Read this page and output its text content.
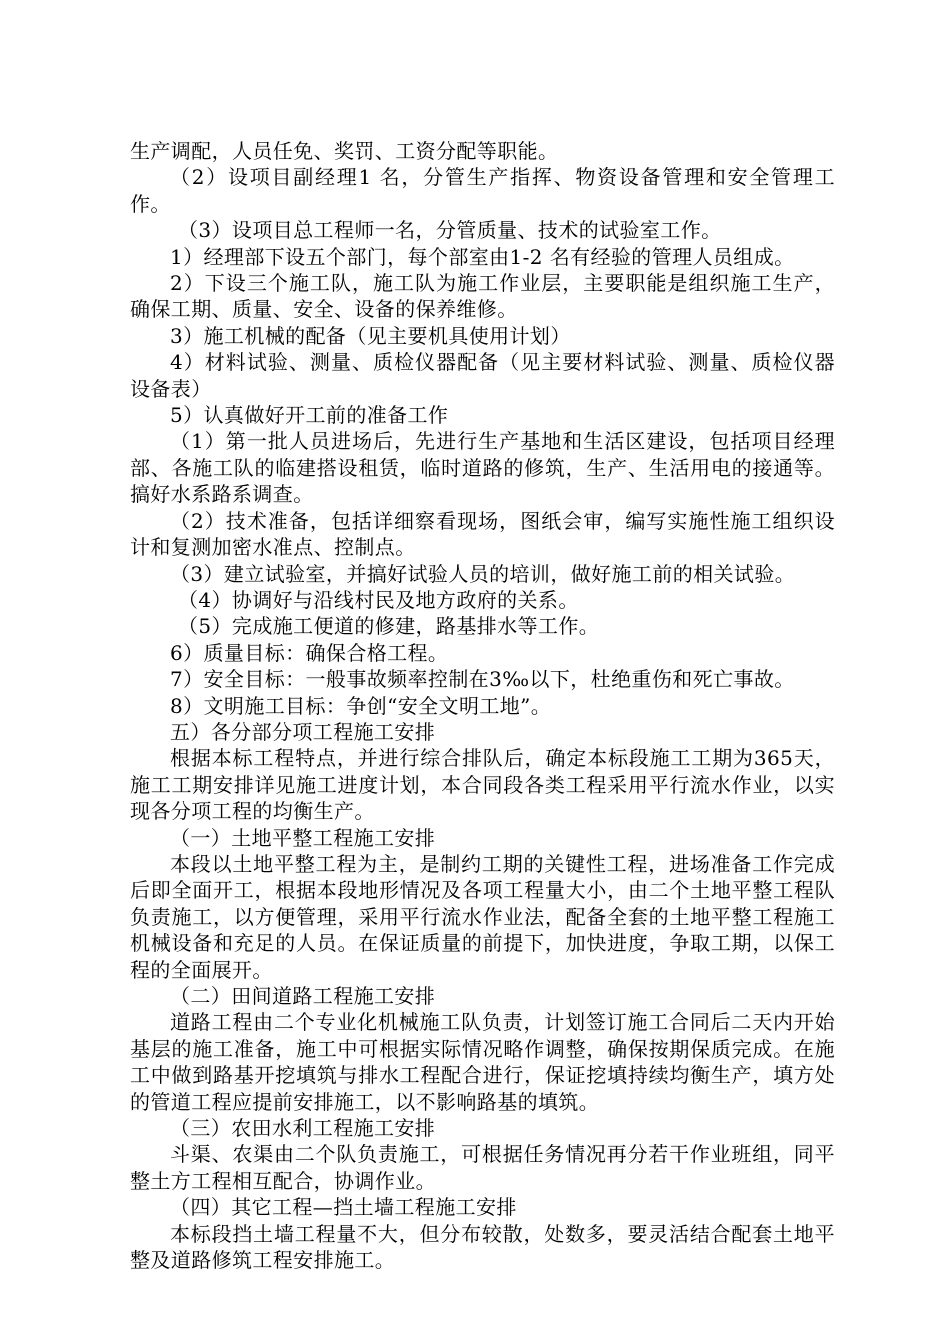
生产调配，人员任免、奖罚、工资分配等职能。

（2）设项目副经理1 名，分管生产指挥、物资设备管理和安全管理工作。

（3）设项目总工程师一名，分管质量、技术的试验室工作。

1）经理部下设五个部门，每个部室由1-2 名有经验的管理人员组成。

2）下设三个施工队，施工队为施工作业层，主要职能是组织施工生产，确保工期、质量、安全、设备的保养维修。

3）施工机械的配备（见主要机具使用计划）

4）材料试验、测量、质检仪器配备（见主要材料试验、测量、质检仪器设备表）

5）认真做好开工前的准备工作

（1）第一批人员进场后，先进行生产基地和生活区建设，包括项目经理部、各施工队的临建搭设租赁，临时道路的修筑，生产、生活用电的接通等。搞好水系路系调查。

（2）技术准备，包括详细察看现场，图纸会审，编写实施性施工组织设计和复测加密水准点、控制点。

（3）建立试验室，并搞好试验人员的培训，做好施工前的相关试验。

（4）协调好与沿线村民及地方政府的关系。

（5）完成施工便道的修建，路基排水等工作。

6）质量目标：确保合格工程。

7）安全目标：一般事故频率控制在3‰以下，杜绝重伤和死亡事故。

8）文明施工目标：争创“安全文明工地”。

五）各分部分项工程施工安排

根据本标工程特点，并进行综合排队后，确定本标段施工工期为365天，施工工期安排详见施工进度计划，本合同段各类工程采用平行流水作业，以实现各分项工程的均衡生产。

（一）土地平整工程施工安排

本段以土地平整工程为主，是制约工期的关键性工程，进场准备工作完成后即全面开工，根据本段地形情况及各项工程量大小，由二个土地平整工程队负责施工，以方便管理，采用平行流水作业法，配备全套的土地平整工程施工机械设备和充足的人员。在保证质量的前提下，加快进度，争取工期，以保工程的全面展开。

（二）田间道路工程施工安排

道路工程由二个专业化机械施工队负责，计划签订施工合同后二天内开始基层的施工准备，施工中可根据实际情况略作调整，确保按期保质完成。在施工中做到路基开挖填筑与排水工程配合进行，保证挖填持续均衡生产，填方处的管道工程应提前安排施工，以不影响路基的填筑。

（三）农田水利工程施工安排

斗渠、农渠由二个队负责施工，可根据任务情况再分若干作业班组，同平整土方工程相互配合，协调作业。

（四）其它工程—挡土墙工程施工安排

本标段挡土墙工程量不大，但分布较散，处数多，要灵活结合配套土地平整及道路修筑工程安排施工。
